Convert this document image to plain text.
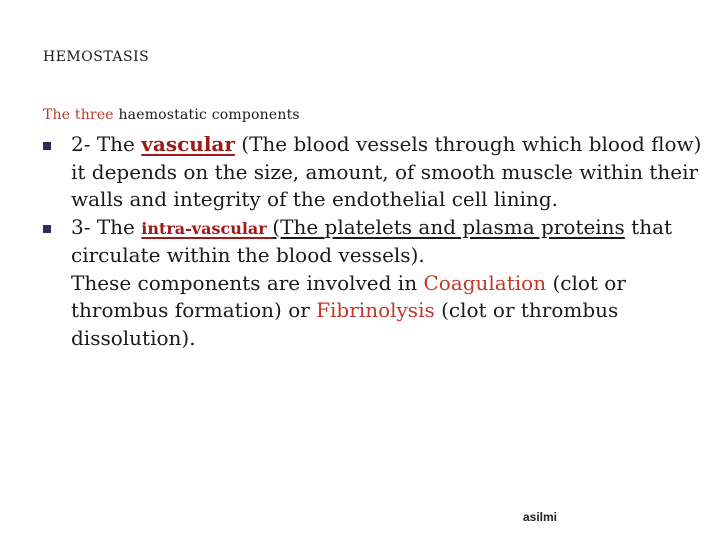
HEMOSTASIS
The three haemostatic components
2- The vascular (The blood vessels through which blood flow) it depends on the size, amount, of smooth muscle within their walls and integrity of the endothelial cell lining.
3- The intra-vascular (The platelets and plasma proteins that circulate within the blood vessels).
These components are involved in Coagulation (clot or thrombus formation) or Fibrinolysis (clot or thrombus dissolution).
asilmi
